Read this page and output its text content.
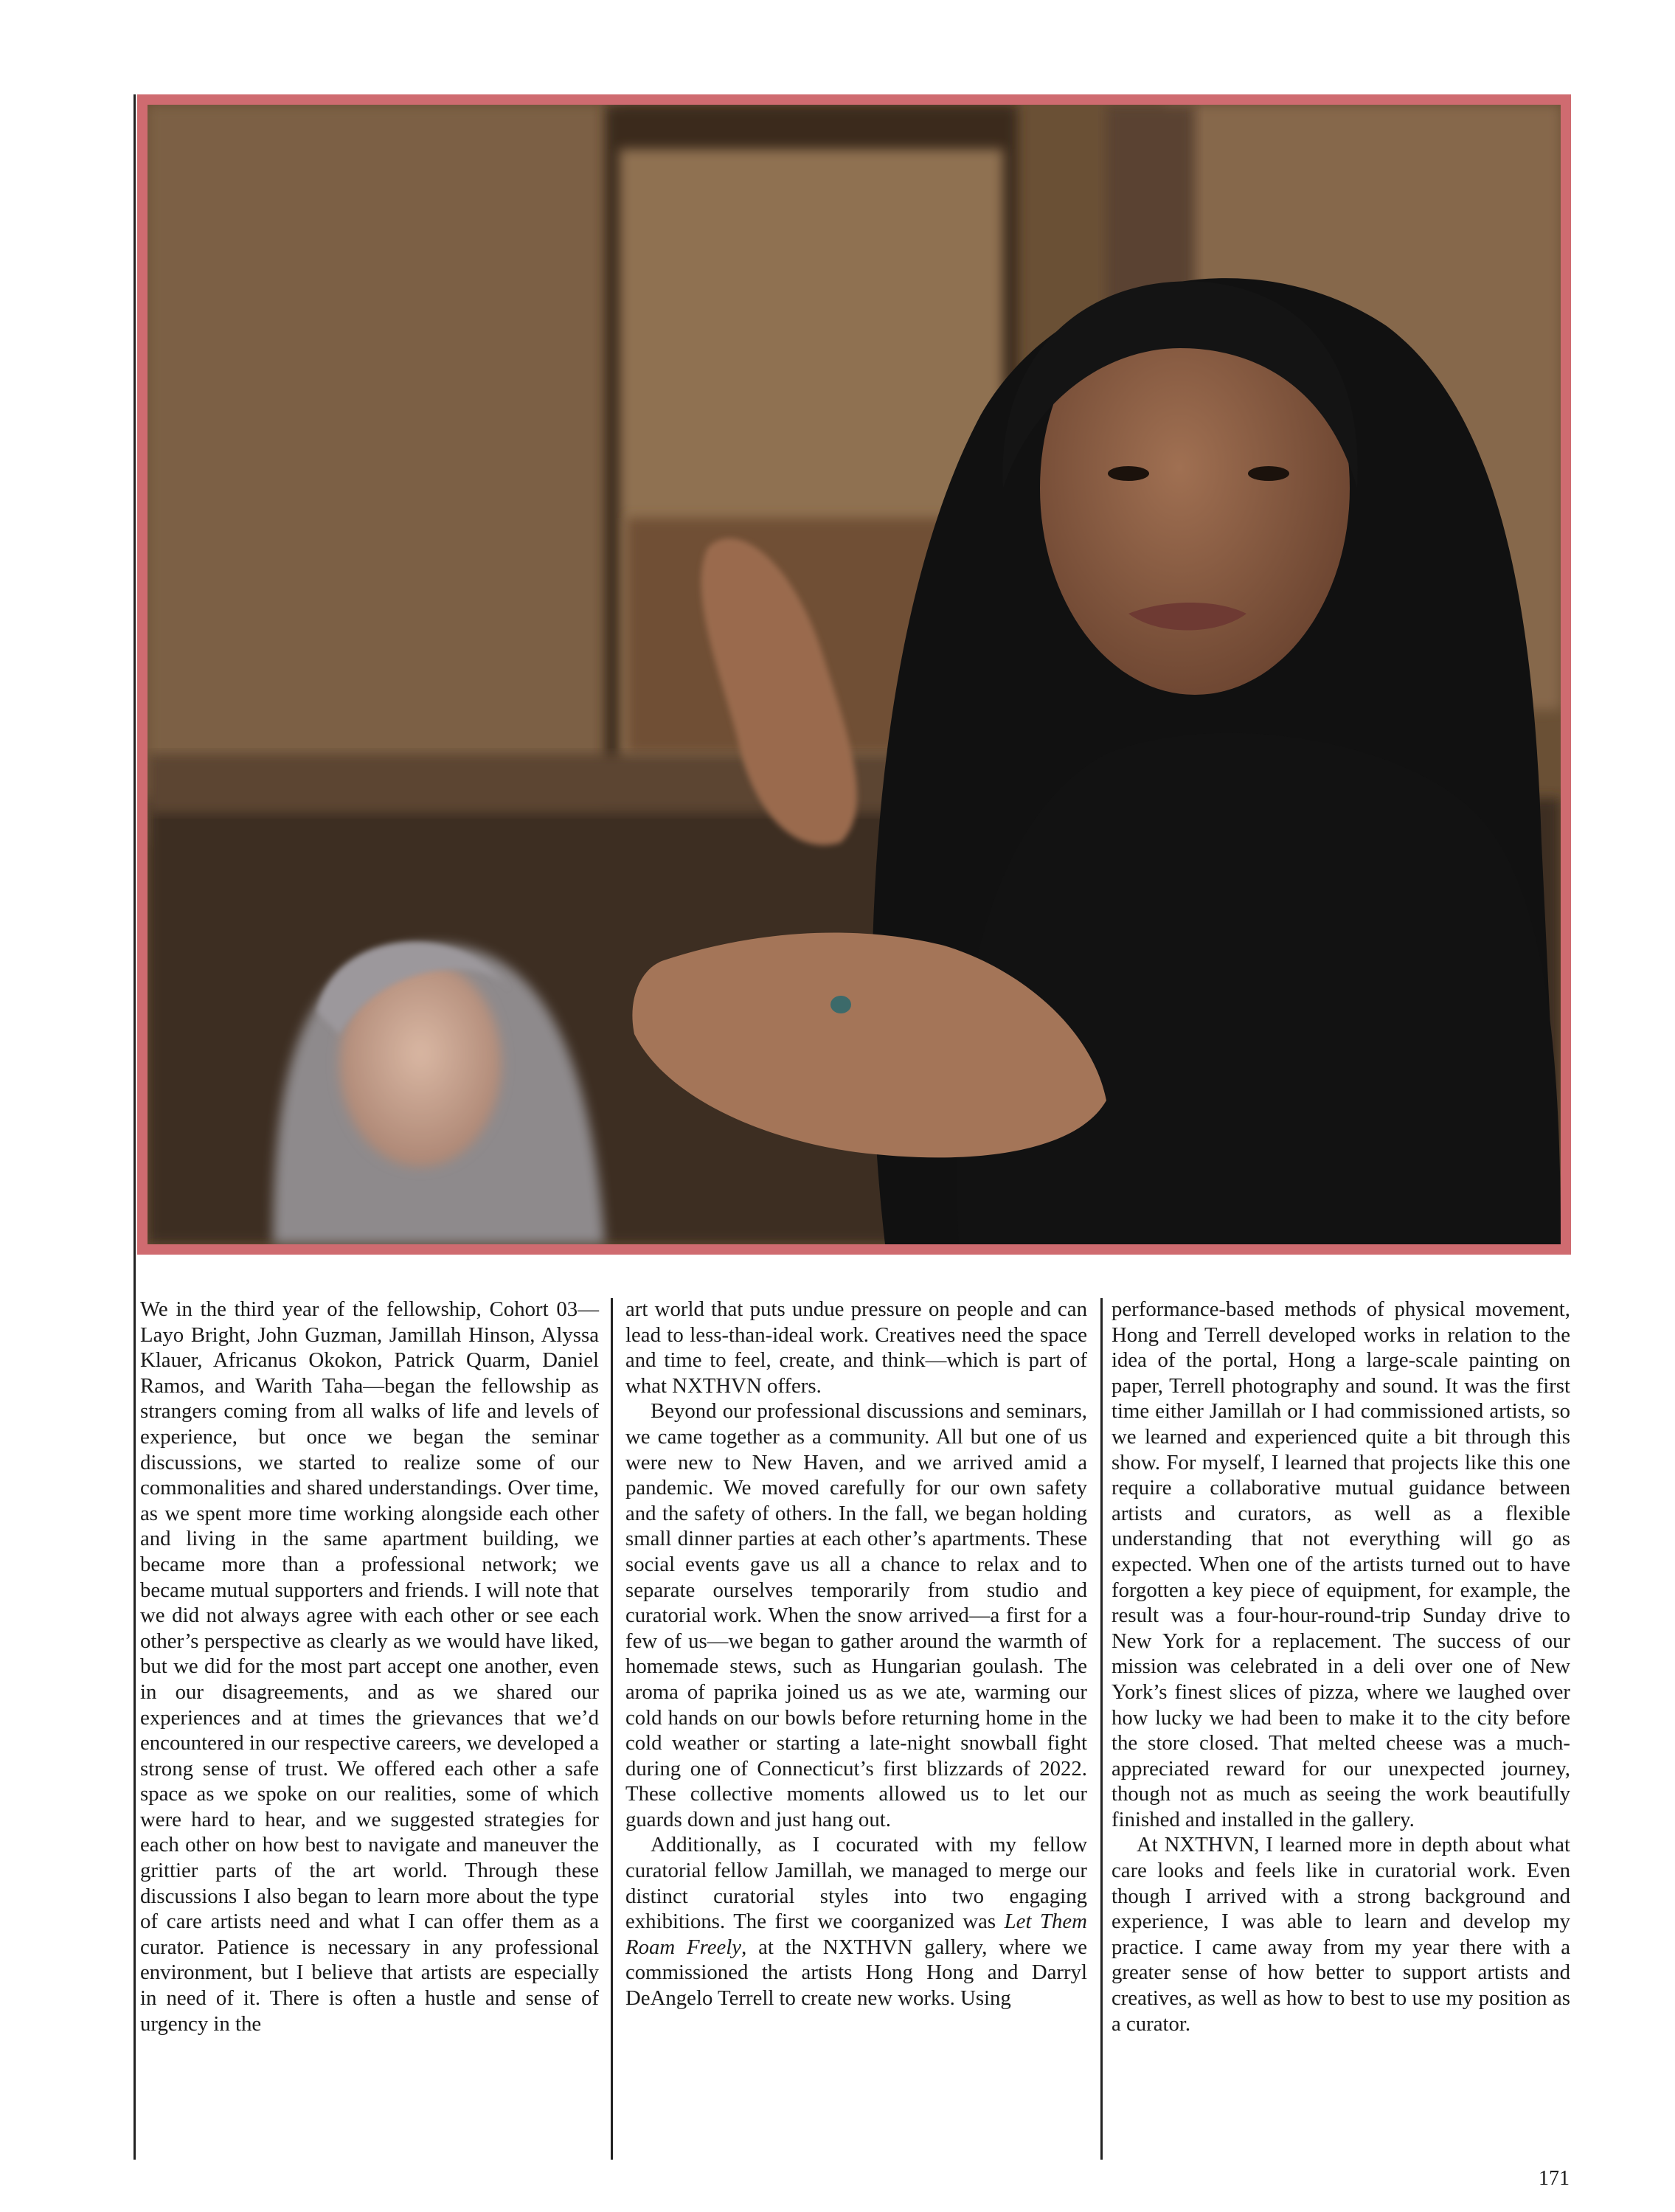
We in the third year of the fellowship, Cohort 03—Layo Bright, John Guzman, Jamillah Hinson, Alyssa Klauer, Africanus Okokon, Patrick Quarm, Daniel Ramos, and Warith Taha—began the fellowship as strangers coming from all walks of life and levels of experience, but once we began the seminar discussions, we started to realize some of our commonalities and shared understandings. Over time, as we spent more time working alongside each other and living in the same apartment building, we became more than a professional network; we became mutual supporters and friends. I will note that we did not always agree with each other or see each other’s perspective as clearly as we would have liked, but we did for the most part accept one another, even in our disagreements, and as we shared our experiences and at times the grievances that we’d encountered in our respective careers, we developed a strong sense of trust. We offered each other a safe space as we spoke on our realities, some of which were hard to hear, and we suggested strategies for each other on how best to navigate and maneuver the grittier parts of the art world. Through these discussions I also began to learn more about the type of care artists need and what I can offer them as a curator. Patience is necessary in any professional environment, but I believe that artists are especially in need of it. There is often a hustle and sense of urgency in the

art world that puts undue pressure on people and can lead to less-than-ideal work. Creatives need the space and time to feel, create, and think—which is part of what NXTHVN offers.

Beyond our professional discussions and seminars, we came together as a community. All but one of us were new to New Haven, and we arrived amid a pandemic. We moved carefully for our own safety and the safety of others. In the fall, we began holding small dinner parties at each other’s apartments. These social events gave us all a chance to relax and to separate ourselves temporarily from studio and curatorial work. When the snow arrived—a first for a few of us—we began to gather around the warmth of homemade stews, such as Hungarian goulash. The aroma of paprika joined us as we ate, warming our cold hands on our bowls before returning home in the cold weather or starting a late-night snowball fight during one of Connecticut’s first blizzards of 2022. These collective moments allowed us to let our guards down and just hang out.

Additionally, as I cocurated with my fellow curatorial fellow Jamillah, we managed to merge our distinct curatorial styles into two engaging exhibitions. The first we coorganized was Let Them Roam Freely, at the NXTHVN gallery, where we commissioned the artists Hong Hong and Darryl DeAngelo Terrell to create new works. Using

performance-based methods of physical movement, Hong and Terrell developed works in relation to the idea of the portal, Hong a large-scale painting on paper, Terrell photography and sound. It was the first time either Jamillah or I had commissioned artists, so we learned and experienced quite a bit through this show. For myself, I learned that projects like this one require a collaborative mutual guidance between artists and curators, as well as a flexible understanding that not everything will go as expected. When one of the artists turned out to have forgotten a key piece of equipment, for example, the result was a four-hour-round-trip Sunday drive to New York for a replacement. The success of our mission was celebrated in a deli over one of New York’s finest slices of pizza, where we laughed over how lucky we had been to make it to the city before the store closed. That melted cheese was a much-appreciated reward for our unexpected journey, though not as much as seeing the work beautifully finished and installed in the gallery.

At NXTHVN, I learned more in depth about what care looks and feels like in curatorial work. Even though I arrived with a strong background and experience, I was able to learn and develop my practice. I came away from my year there with a greater sense of how better to support artists and creatives, as well as how to best to use my position as a curator.

171
